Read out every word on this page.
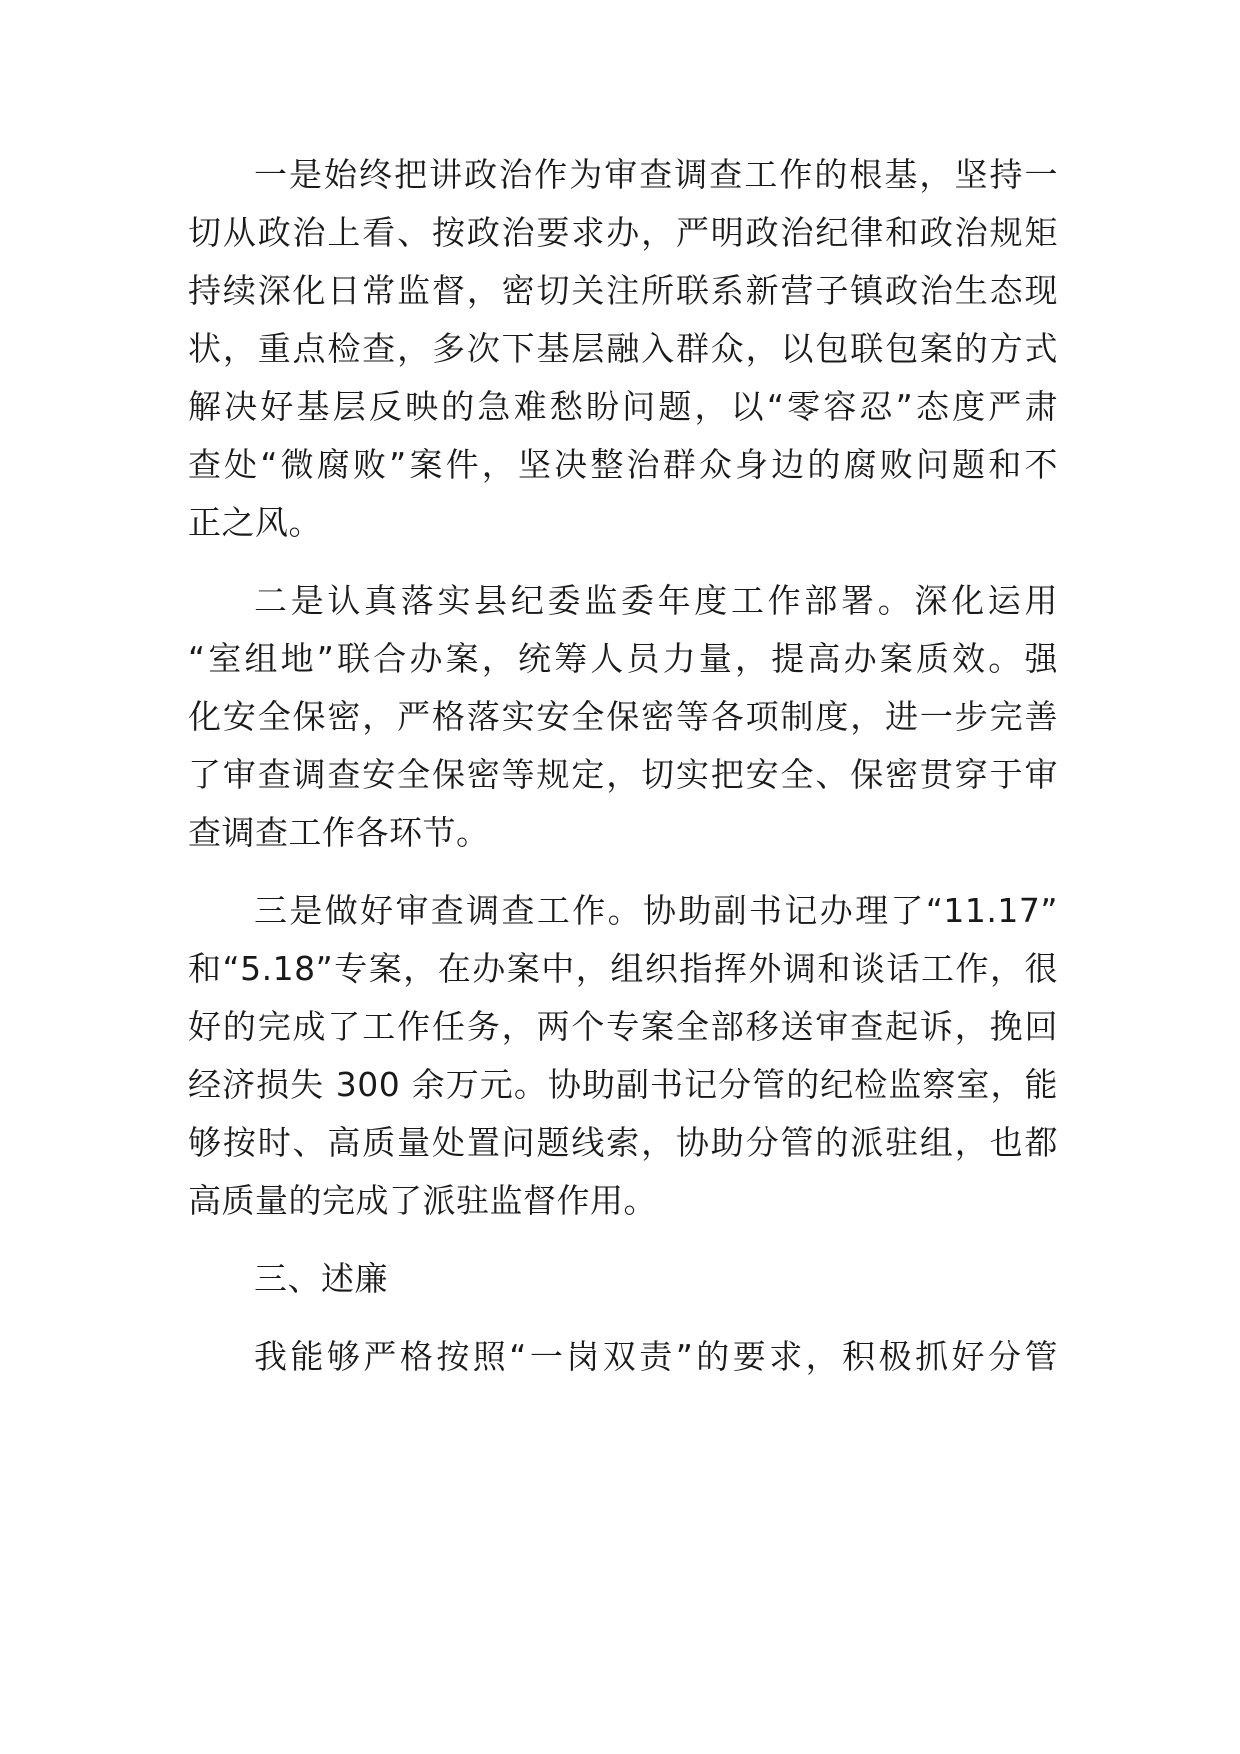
一是始终把讲政治作为审查调查工作的根基，坚持一
切从政治上看、按政治要求办，严明政治纪律和政治规矩
持续深化日常监督，密切关注所联系新营子镇政治生态现
状，重点检查，多次下基层融入群众，以包联包案的方式
解决好基层反映的急难愁盼问题，以“零容忍”态度严肃
查处“微腐败”案件，坚决整治群众身边的腐败问题和不
正之风。
二是认真落实县纪委监委年度工作部署。深化运用
“室组地”联合办案，统筹人员力量，提高办案质效。强
化安全保密，严格落实安全保密等各项制度，进一步完善
了审查调查安全保密等规定，切实把安全、保密贯穿于审
查调查工作各环节。
三是做好审查调查工作。协助副书记办理了“11.17”
和“5.18”专案，在办案中，组织指挥外调和谈话工作，很
好的完成了工作任务，两个专案全部移送审查起诉，挽回
经济损失 300 余万元。协助副书记分管的纪检监察室，能
够按时、高质量处置问题线索，协助分管的派驻组，也都
高质量的完成了派驻监督作用。
三、述廉
我能够严格按照“一岗双责”的要求，积极抓好分管
